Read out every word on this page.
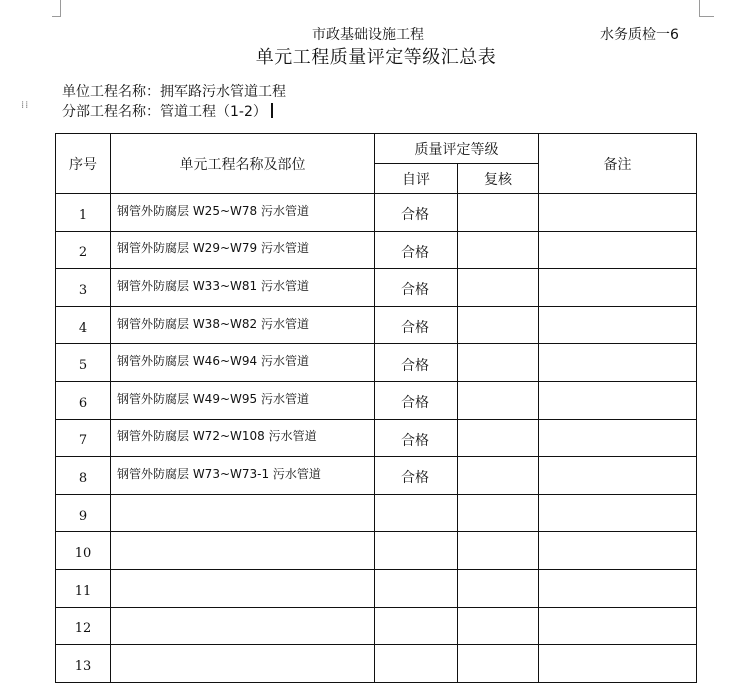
市政基础设施工程	水务质检一6
单元工程质量评定等级汇总表
单位工程名称：拥军路污水管道工程
⁞⁞ 分部工程名称：管道工程（1-2）
序号	单元工程名称及部位	质量评定等级		备注
		自评	复核	
1	钢管外防腐层 W25~W78 污水管道	合格		
2	钢管外防腐层 W29~W79 污水管道	合格		
3	钢管外防腐层 W33~W81 污水管道	合格		
4	钢管外防腐层 W38~W82 污水管道	合格		
5	钢管外防腐层 W46~W94 污水管道	合格		
6	钢管外防腐层 W49~W95 污水管道	合格		
7	钢管外防腐层 W72~W108 污水管道	合格		
8	钢管外防腐层 W73~W73-1 污水管道	合格		
9				
10				
11				
12				
13				
